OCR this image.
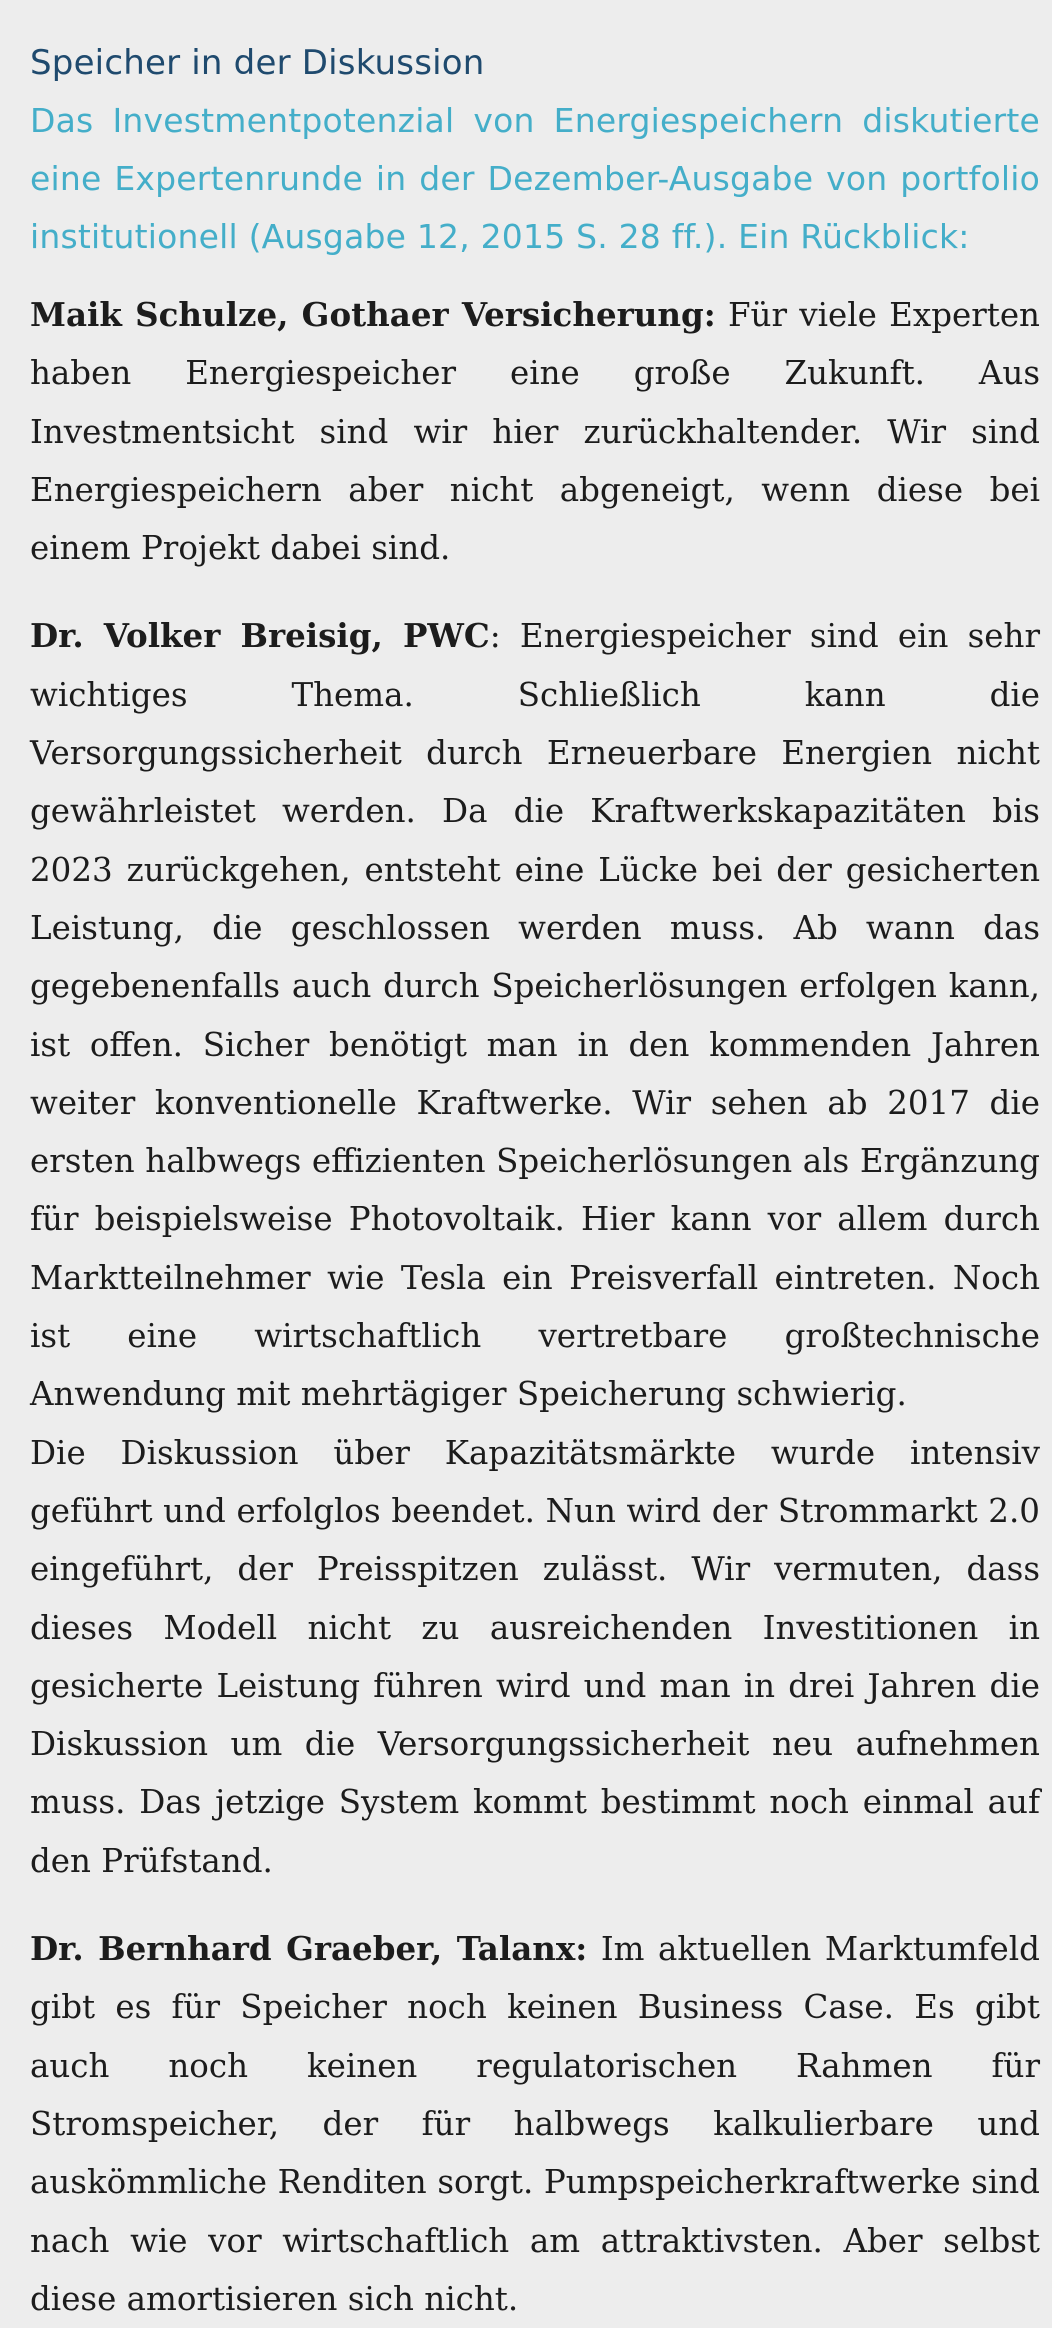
Speicher in der Diskussion

Das Investmentpotenzial von Energiespeichern diskutierte eine Expertenrunde in der Dezember-Ausgabe von portfolio institutionell (Ausgabe 12, 2015 S. 28 ff.). Ein Rückblick:

Maik Schulze, Gothaer Versicherung: Für viele Experten haben Energiespeicher eine große Zukunft. Aus Investmentsicht sind wir hier zurückhaltender. Wir sind Energiespeichern aber nicht abgeneigt, wenn diese bei einem Projekt dabei sind.

Dr. Volker Breisig, PWC: Energiespeicher sind ein sehr wichtiges Thema. Schließlich kann die Versorgungssicherheit durch Erneuerbare Energien nicht gewährleistet werden. Da die Kraftwerkskapazitäten bis 2023 zurückgehen, entsteht eine Lücke bei der gesicherten Leistung, die geschlossen werden muss. Ab wann das gegebenenfalls auch durch Speicherlösungen erfolgen kann, ist offen. Sicher benötigt man in den kommenden Jahren weiter konventionelle Kraftwerke. Wir sehen ab 2017 die ersten halbwegs effizienten Speicherlösungen als Ergänzung für beispielsweise Photovoltaik. Hier kann vor allem durch Marktteilnehmer wie Tesla ein Preisverfall eintreten. Noch ist eine wirtschaftlich vertretbare großtechnische Anwendung mit mehrtägiger Speicherung schwierig.

Die Diskussion über Kapazitätsmärkte wurde intensiv geführt und erfolglos beendet. Nun wird der Strommarkt 2.0 eingeführt, der Preisspitzen zulässt. Wir vermuten, dass dieses Modell nicht zu ausreichenden Investitionen in gesicherte Leistung führen wird und man in drei Jahren die Diskussion um die Versorgungssicherheit neu aufnehmen muss. Das jetzige System kommt bestimmt noch einmal auf den Prüfstand.

Dr. Bernhard Graeber, Talanx: Im aktuellen Marktumfeld gibt es für Speicher noch keinen Business Case. Es gibt auch noch keinen regulatorischen Rahmen für Stromspeicher, der für halbwegs kalkulierbare und auskömmliche Renditen sorgt. Pumpspeicherkraftwerke sind nach wie vor wirtschaftlich am attraktivsten. Aber selbst diese amortisieren sich nicht.
